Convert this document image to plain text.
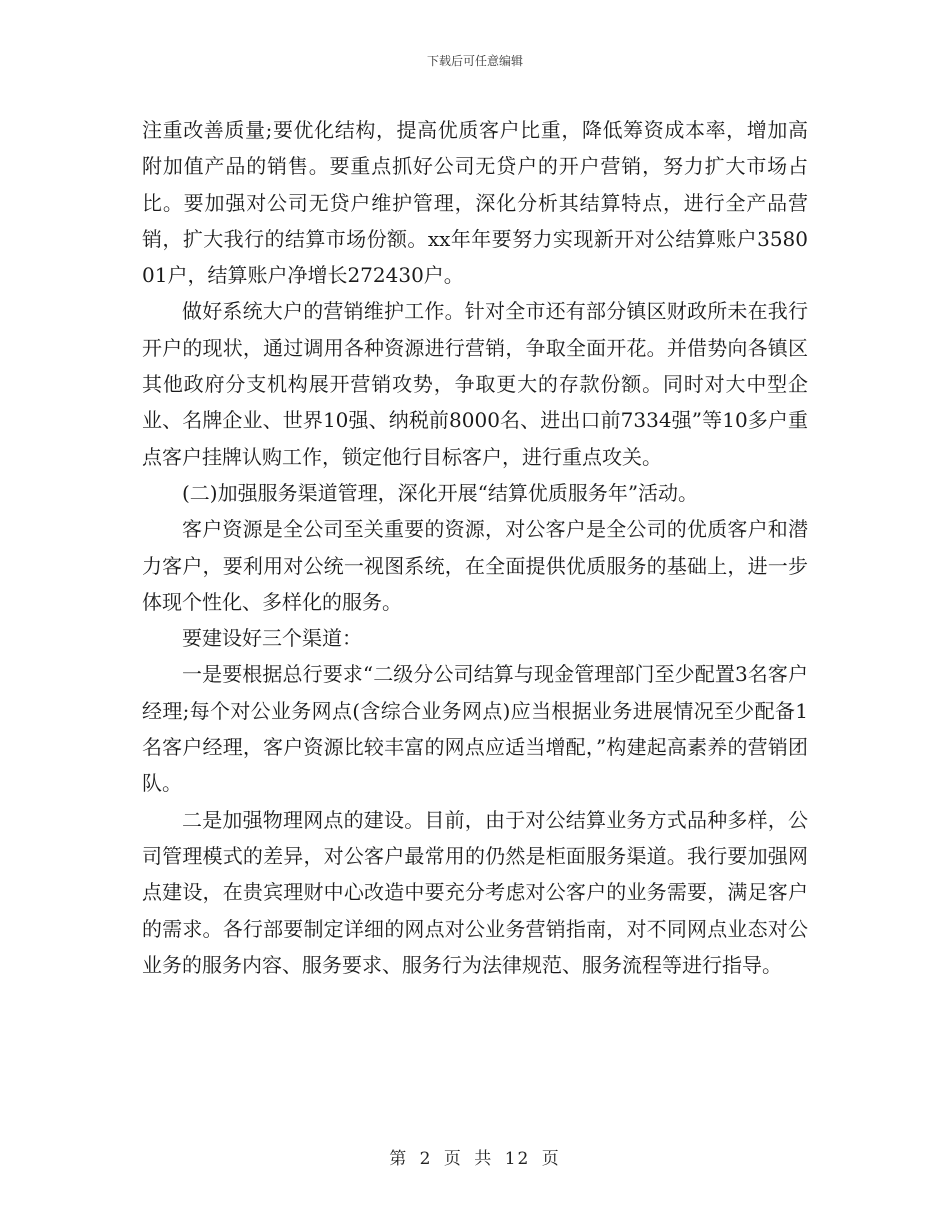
下载后可任意编辑

注重改善质量;要优化结构，提高优质客户比重，降低筹资成本率，增加高附加值产品的销售。要重点抓好公司无贷户的开户营销，努力扩大市场占比。要加强对公司无贷户维护管理，深化分析其结算特点，进行全产品营销，扩大我行的结算市场份额。xx年年要努力实现新开对公结算账户358001户，结算账户净增长272430户。

做好系统大户的营销维护工作。针对全市还有部分镇区财政所未在我行开户的现状，通过调用各种资源进行营销，争取全面开花。并借势向各镇区其他政府分支机构展开营销攻势，争取更大的存款份额。同时对大中型企业、名牌企业、世界10强、纳税前8000名、进出口前7334强”等10多户重点客户挂牌认购工作，锁定他行目标客户，进行重点攻关。

(二)加强服务渠道管理，深化开展“结算优质服务年”活动。

客户资源是全公司至关重要的资源，对公客户是全公司的优质客户和潜力客户，要利用对公统一视图系统，在全面提供优质服务的基础上，进一步体现个性化、多样化的服务。

要建设好三个渠道：

一是要根据总行要求“二级分公司结算与现金管理部门至少配置3名客户经理;每个对公业务网点(含综合业务网点)应当根据业务进展情况至少配备1名客户经理，客户资源比较丰富的网点应适当增配，”构建起高素养的营销团队。

二是加强物理网点的建设。目前，由于对公结算业务方式品种多样，公司管理模式的差异，对公客户最常用的仍然是柜面服务渠道。我行要加强网点建设，在贵宾理财中心改造中要充分考虑对公客户的业务需要，满足客户的需求。各行部要制定详细的网点对公业务营销指南，对不同网点业态对公业务的服务内容、服务要求、服务行为法律规范、服务流程等进行指导。

第 2 页 共 12 页
